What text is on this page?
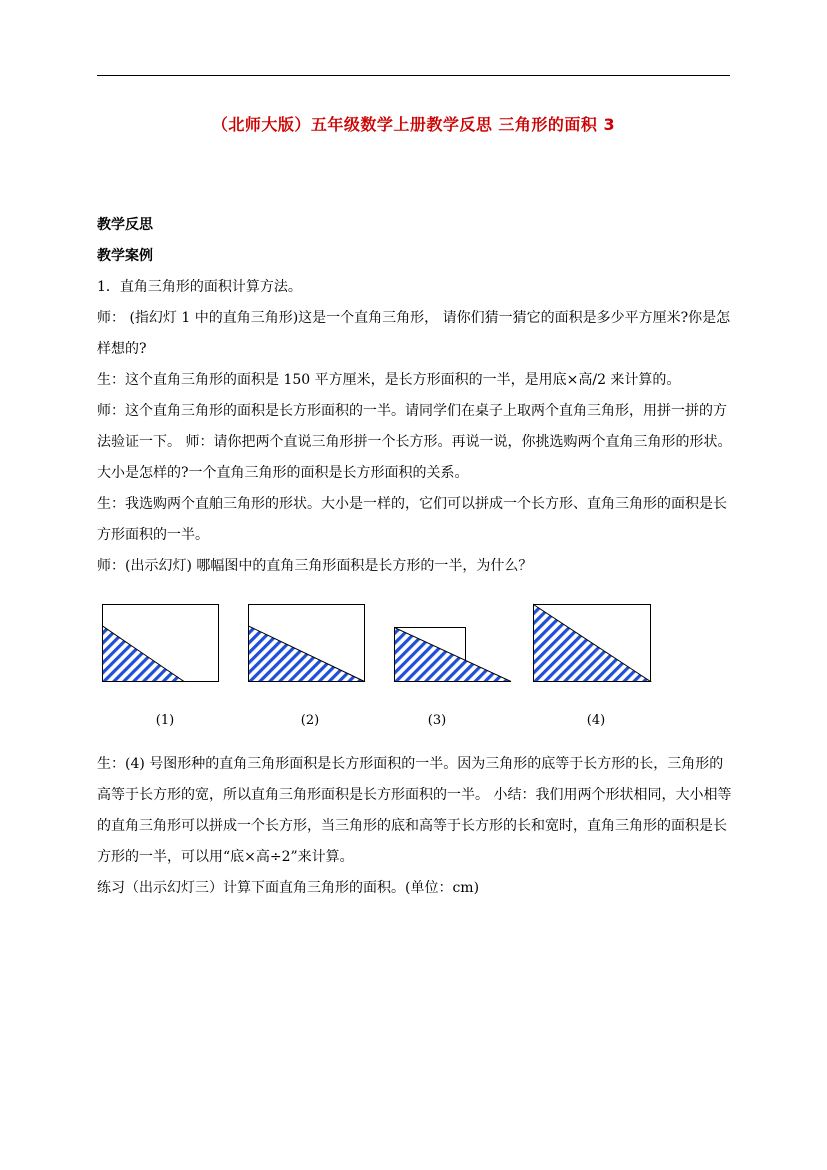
（北师大版）五年级数学上册教学反思 三角形的面积 3

教学反思

教学案例

1．直角三角形的面积计算方法。

师： (指幻灯 1 中的直角三角形)这是一个直角三角形， 请你们猜一猜它的面积是多少平方厘米?你是怎样想的?

生：这个直角三角形的面积是 150 平方厘米，是长方形面积的一半，是用底×高/2 来计算的。

师：这个直角三角形的面积是长方形面积的一半。请同学们在桌子上取两个直角三角形，用拼一拼的方法验证一下。 师：请你把两个直说三角形拼一个长方形。再说一说，你挑选购两个直角三角形的形状。大小是怎样的?一个直角三角形的面积是长方形面积的关系。

生：我选购两个直舶三角形的形状。大小是一样的，它们可以拼成一个长方形、直角三角形的面积是长方形面积的一半。

师：(出示幻灯) 哪幅图中的直角三角形面积是长方形的一半，为什么？

(1)	(2)	(3)	(4)

生：(4) 号图形种的直角三角形面积是长方形面积的一半。因为三角形的底等于长方形的长，三角形的高等于长方形的宽，所以直角三角形面积是长方形面积的一半。 小结：我们用两个形状相同，大小相等的直角三角形可以拼成一个长方形，当三角形的底和高等于长方形的长和宽时，直角三角形的面积是长方形的一半，可以用“底×高÷2”来计算。

练习（出示幻灯三）计算下面直角三角形的面积。(单位：cm)
